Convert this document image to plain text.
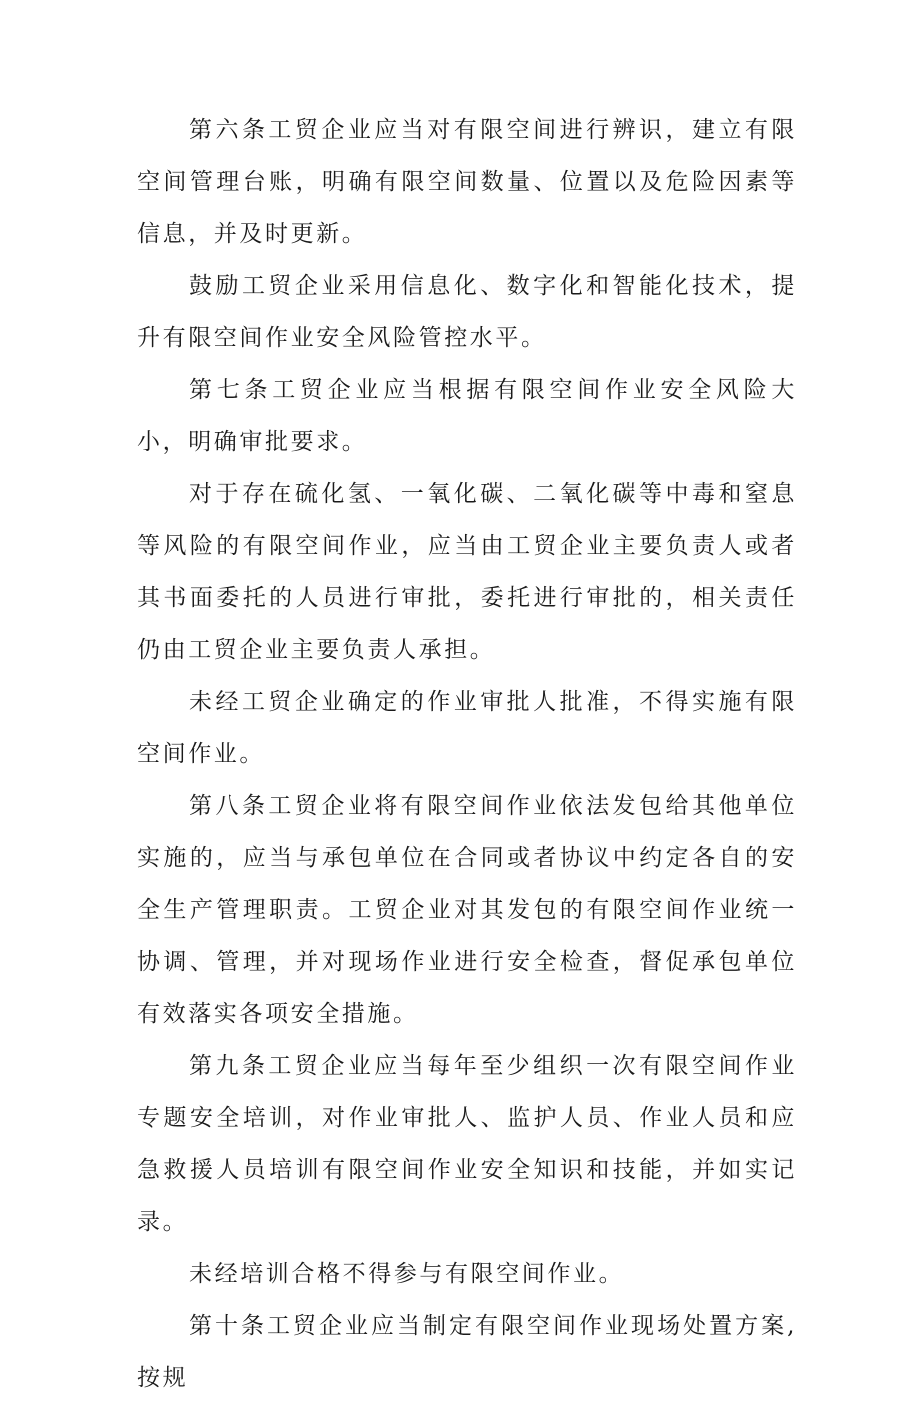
第六条工贸企业应当对有限空间进行辨识，建立有限空间管理台账，明确有限空间数量、位置以及危险因素等信息，并及时更新。

鼓励工贸企业采用信息化、数字化和智能化技术，提升有限空间作业安全风险管控水平。

第七条工贸企业应当根据有限空间作业安全风险大小，明确审批要求。

对于存在硫化氢、一氧化碳、二氧化碳等中毒和窒息等风险的有限空间作业，应当由工贸企业主要负责人或者其书面委托的人员进行审批，委托进行审批的，相关责任仍由工贸企业主要负责人承担。

未经工贸企业确定的作业审批人批准，不得实施有限空间作业。

第八条工贸企业将有限空间作业依法发包给其他单位实施的，应当与承包单位在合同或者协议中约定各自的安全生产管理职责。工贸企业对其发包的有限空间作业统一协调、管理，并对现场作业进行安全检查，督促承包单位有效落实各项安全措施。

第九条工贸企业应当每年至少组织一次有限空间作业专题安全培训，对作业审批人、监护人员、作业人员和应急救援人员培训有限空间作业安全知识和技能，并如实记录。

未经培训合格不得参与有限空间作业。

第十条工贸企业应当制定有限空间作业现场处置方案,按规
